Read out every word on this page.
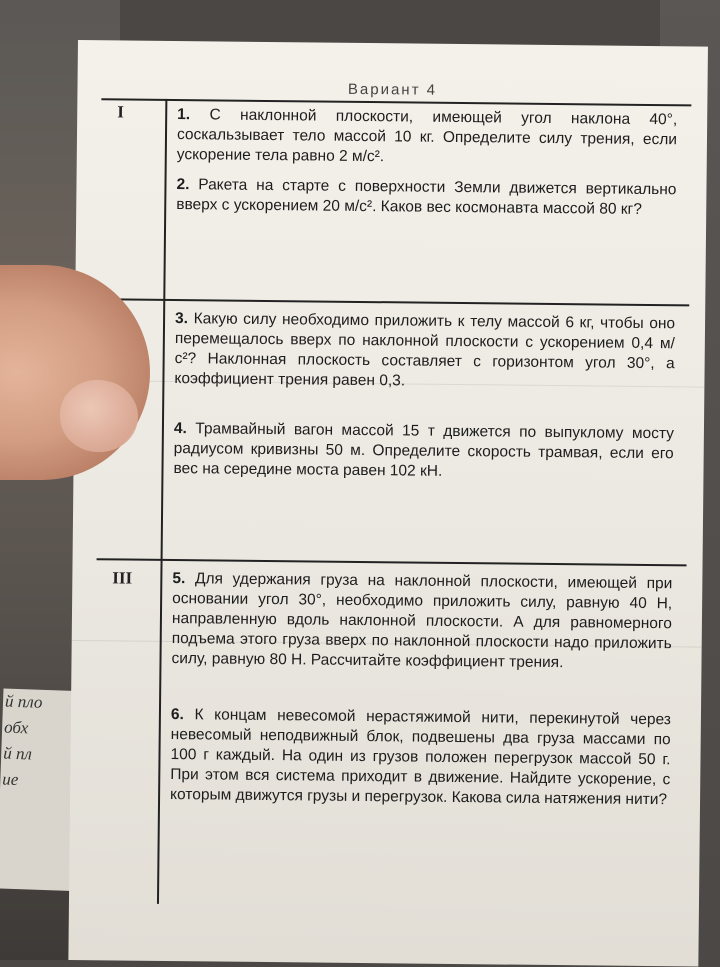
й пло
обх
й пл
ие
Вариант 4
I	1. С наклонной плоскости, имеющей угол наклона 40°, соскальзывает тело массой 10 кг. Определите силу трения, если ускорение тела равно 2 м/с².
2. Ракета на старте с поверхности Земли движется вертикально вверх с ускорением 20 м/с². Каков вес космонавта массой 80 кг?
3. Какую силу необходимо приложить к телу массой 6 кг, чтобы оно перемещалось вверх по наклонной плоскости с ускорением 0,4 м/с²? Наклонная плоскость составляет с горизонтом угол 30°, а коэффициент трения равен 0,3.
4. Трамвайный вагон массой 15 т движется по выпуклому мосту радиусом кривизны 50 м. Определите скорость трамвая, если его вес на середине моста равен 102 кН.
III	5. Для удержания груза на наклонной плоскости, имеющей при основании угол 30°, необходимо приложить силу, равную 40 Н, направленную вдоль наклонной плоскости. А для равномерного подъема этого груза вверх по наклонной плоскости надо приложить силу, равную 80 Н. Рассчитайте коэффициент трения.
6. К концам невесомой нерастяжимой нити, перекинутой через невесомый неподвижный блок, подвешены два груза массами по 100 г каждый. На один из грузов положен перегрузок массой 50 г. При этом вся система приходит в движение. Найдите ускорение, с которым движутся грузы и перегрузок. Какова сила натяжения нити?
